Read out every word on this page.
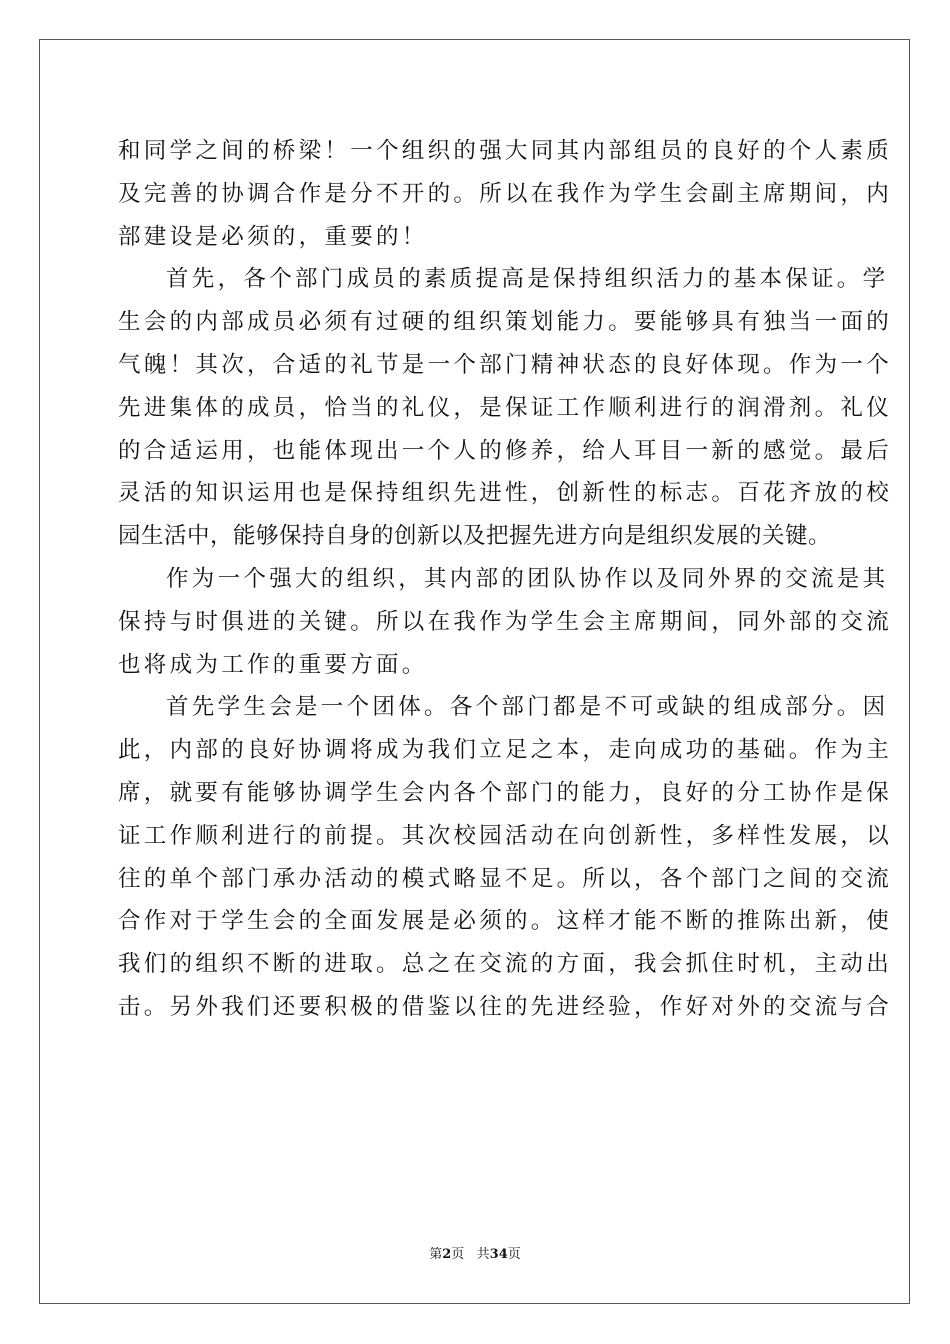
和同学之间的桥梁！一个组织的强大同其内部组员的良好的个人素质
及完善的协调合作是分不开的。所以在我作为学生会副主席期间，内
部建设是必须的，重要的！
首先，各个部门成员的素质提高是保持组织活力的基本保证。学
生会的内部成员必须有过硬的组织策划能力。要能够具有独当一面的
气魄！其次，合适的礼节是一个部门精神状态的良好体现。作为一个
先进集体的成员，恰当的礼仪，是保证工作顺利进行的润滑剂。礼仪
的合适运用，也能体现出一个人的修养，给人耳目一新的感觉。最后
灵活的知识运用也是保持组织先进性，创新性的标志。百花齐放的校
园生活中，能够保持自身的创新以及把握先进方向是组织发展的关键。
作为一个强大的组织，其内部的团队协作以及同外界的交流是其
保持与时俱进的关键。所以在我作为学生会主席期间，同外部的交流
也将成为工作的重要方面。
首先学生会是一个团体。各个部门都是不可或缺的组成部分。因
此，内部的良好协调将成为我们立足之本，走向成功的基础。作为主
席，就要有能够协调学生会内各个部门的能力，良好的分工协作是保
证工作顺利进行的前提。其次校园活动在向创新性，多样性发展，以
往的单个部门承办活动的模式略显不足。所以，各个部门之间的交流
合作对于学生会的全面发展是必须的。这样才能不断的推陈出新，使
我们的组织不断的进取。总之在交流的方面，我会抓住时机，主动出
击。另外我们还要积极的借鉴以往的先进经验，作好对外的交流与合
第2页   共34页
